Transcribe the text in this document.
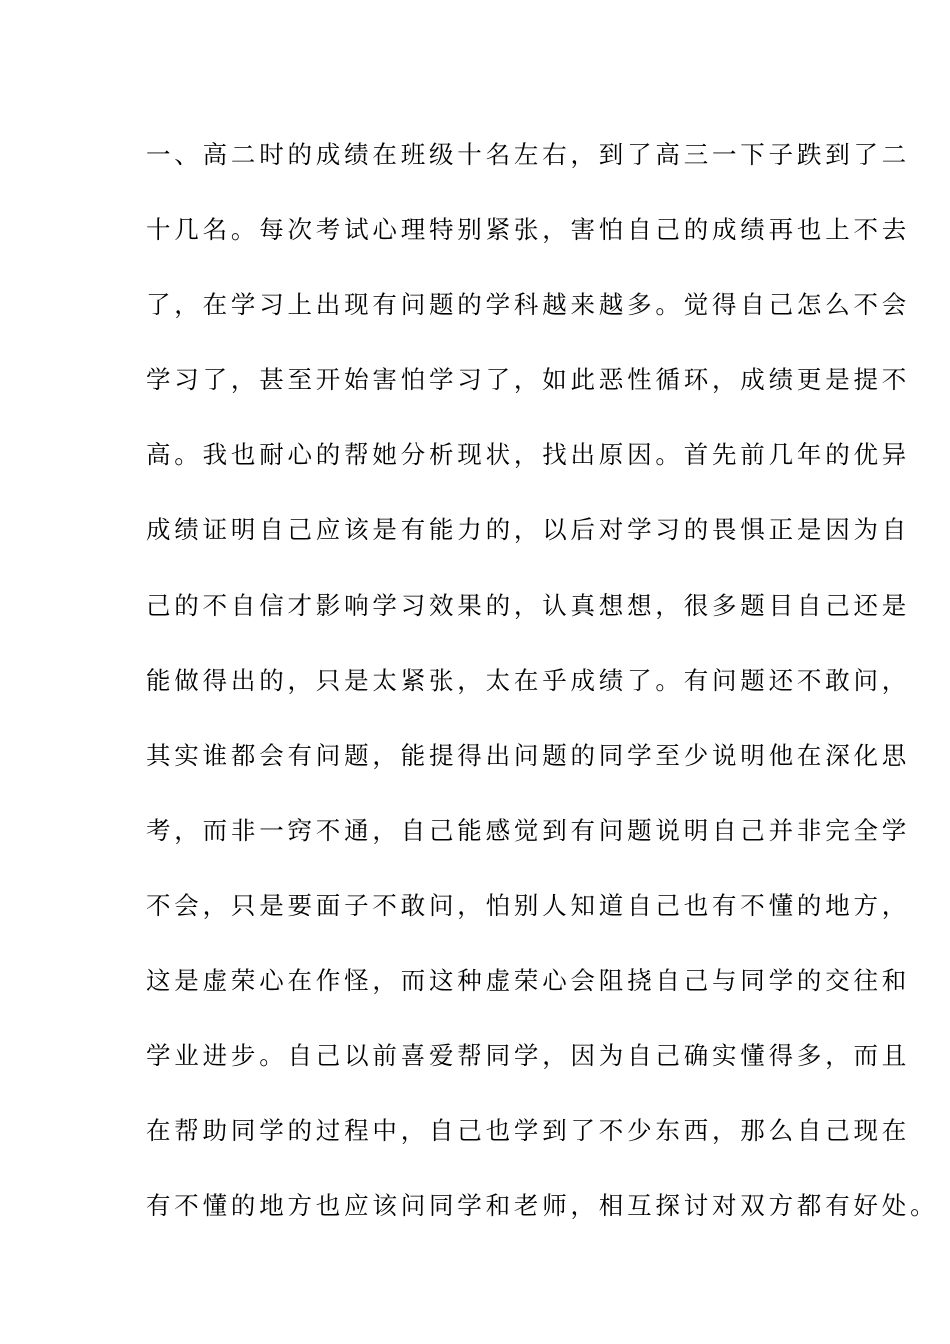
一、高二时的成绩在班级十名左右，到了高三一下子跌到了二
十几名。每次考试心理特别紧张，害怕自己的成绩再也上不去
了，在学习上出现有问题的学科越来越多。觉得自己怎么不会
学习了，甚至开始害怕学习了，如此恶性循环，成绩更是提不
高。我也耐心的帮她分析现状，找出原因。首先前几年的优异
成绩证明自己应该是有能力的，以后对学习的畏惧正是因为自
己的不自信才影响学习效果的，认真想想，很多题目自己还是
能做得出的，只是太紧张，太在乎成绩了。有问题还不敢问，
其实谁都会有问题，能提得出问题的同学至少说明他在深化思
考，而非一窍不通，自己能感觉到有问题说明自己并非完全学
不会，只是要面子不敢问，怕别人知道自己也有不懂的地方，
这是虚荣心在作怪，而这种虚荣心会阻挠自己与同学的交往和
学业进步。自己以前喜爱帮同学，因为自己确实懂得多，而且
在帮助同学的过程中，自己也学到了不少东西，那么自己现在
有不懂的地方也应该问同学和老师，相互探讨对双方都有好处。
